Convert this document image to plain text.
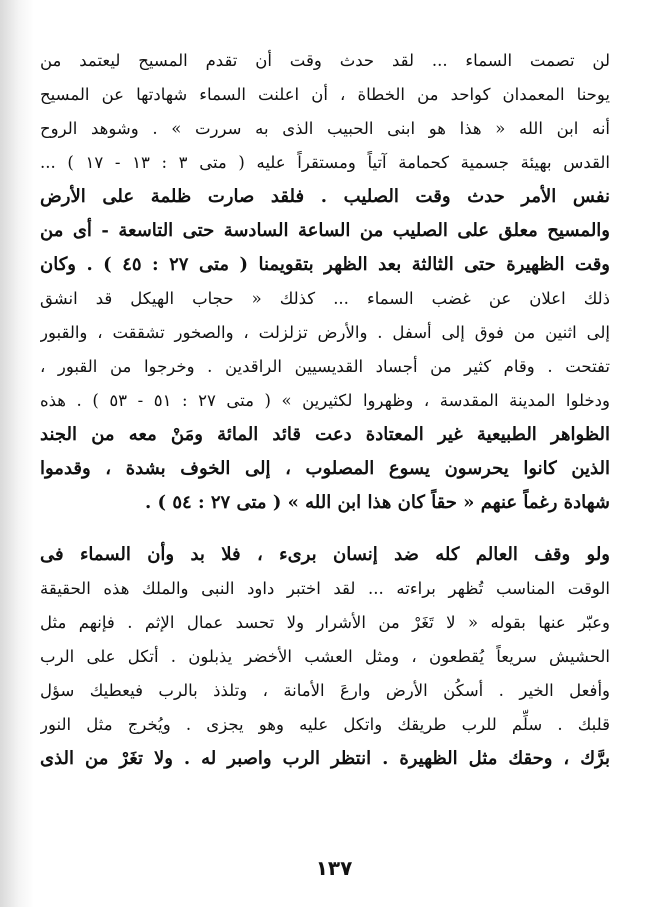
لن تصمت السماء ... لقد حدث وقت أن تقدم المسيح ليعتمد من
يوحنا المعمدان كواحد من الخطاة ، أن اعلنت السماء شهادتها عن المسيح
أنه ابن الله « هذا هو ابنى الحبيب الذى به سررت » . وشوهد الروح
القدس بهيئة جسمية كحمامة آتياً ومستقراً عليه ( متى ٣ : ١٣ - ١٧ ) ...
نفس الأمر حدث وقت الصليب . فلقد صارت ظلمة على الأرض
والمسيح معلق على الصليب من الساعة السادسة حتى التاسعة - أى من
وقت الظهيرة حتى الثالثة بعد الظهر بتقويمنا ( متى ٢٧ : ٤٥ ) . وكان
ذلك اعلان عن غضب السماء ... كذلك « حجاب الهيكل قد انشق
إلى اثنين من فوق إلى أسفل . والأرض تزلزلت ، والصخور تشققت ، والقبور
تفتحت . وقام كثير من أجساد القديسيين الراقدين . وخرجوا من القبور ،
ودخلوا المدينة المقدسة ، وظهروا لكثيرين » ( متى ٢٧ : ٥١ - ٥٣ ) . هذه
الظواهر الطبيعية غير المعتادة دعت قائد المائة ومَنْ معه من الجند
الذين كانوا يحرسون يسوع المصلوب ، إلى الخوف بشدة ، وقدموا
شهادة رغماً عنهم « حقاً كان هذا ابن الله » ( متى ٢٧ : ٥٤ ) .
ولو وقف العالم كله ضد إنسان برىء ، فلا بد وأن السماء فى
الوقت المناسب تُظهر براءته ... لقد اختبر داود النبى والملك هذه الحقيقة
وعبّر عنها بقوله « لا تَغَرْ من الأشرار ولا تحسد عمال الإثم . فإنهم مثل
الحشيش سريعاً يُقطعون ، ومثل العشب الأخضر يذبلون . أتكل على الرب
وأفعل الخير . أسكُن الأرض وارعَ الأمانة ، وتلذذ بالرب فيعطيك سؤل
قلبك . سلِّم للرب طريقك واتكل عليه وهو يجزى . ويُخرج مثل النور
برَّك ، وحقك مثل الظهيرة . انتظر الرب واصبر له . ولا تغَرْ من الذى
١٣٧
